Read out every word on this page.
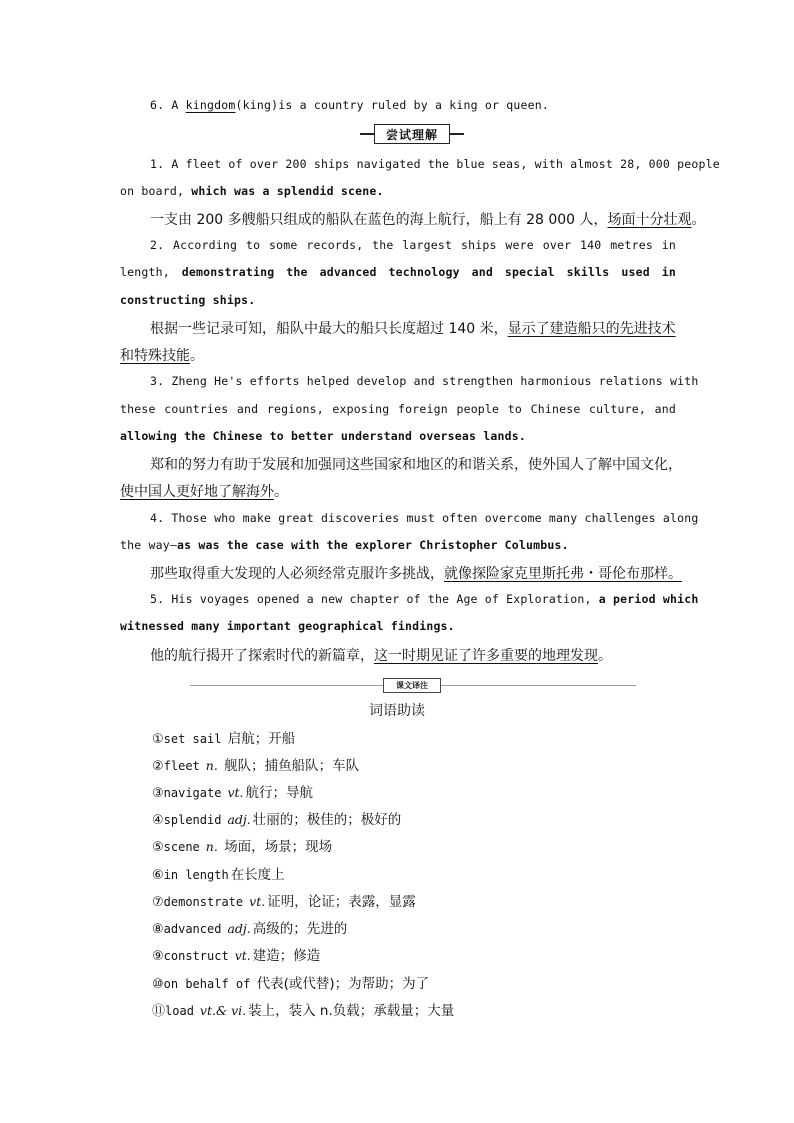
6. A kingdom(king)is a country ruled by a king or queen.
尝试理解
1. A fleet of over 200 ships navigated the blue seas, with almost 28, 000 people
on board, which was a splendid scene.
一支由 200 多艘船只组成的船队在蓝色的海上航行，船上有 28 000 人，场面十分壮观。
2. According to some records, the largest ships were over 140 metres in
length, demonstrating the advanced technology and special skills used in
constructing ships.
根据一些记录可知，船队中最大的船只长度超过 140 米，显示了建造船只的先进技术
和特殊技能。
3. Zheng He's efforts helped develop and strengthen harmonious relations with
these countries and regions, exposing foreign people to Chinese culture, and
allowing the Chinese to better understand overseas lands.
郑和的努力有助于发展和加强同这些国家和地区的和谐关系，使外国人了解中国文化，
使中国人更好地了解海外。
4. Those who make great discoveries must often overcome many challenges along
the way—as was the case with the explorer Christopher Columbus.
那些取得重大发现的人必须经常克服许多挑战，就像探险家克里斯托弗・哥伦布那样。
5. His voyages opened a new chapter of the Age of Exploration, a period which
witnessed many important geographical findings.
他的航行揭开了探索时代的新篇章，这一时期见证了许多重要的地理发现。
课文译注
词语助读
①set sail 启航；开船
②fleet n. 舰队；捕鱼船队；车队
③navigate vt. 航行；导航
④splendid adj. 壮丽的；极佳的；极好的
⑤scene n. 场面，场景；现场
⑥in length 在长度上
⑦demonstrate vt. 证明，论证；表露，显露
⑧advanced adj. 高级的；先进的
⑨construct vt. 建造；修造
⑩on behalf of 代表(或代替)；为帮助；为了
⑪load vt.& vi. 装上，装入 n.负载；承载量；大量
